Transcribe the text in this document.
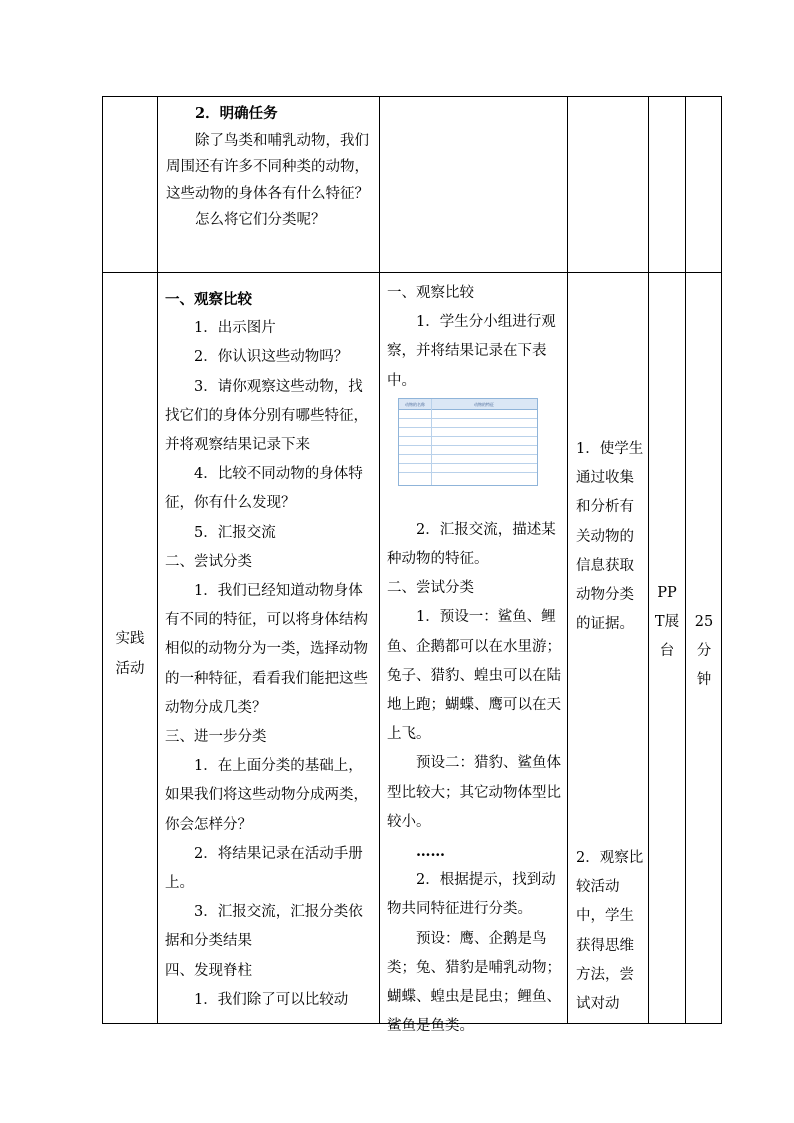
2．明确任务

除了鸟类和哺乳动物，我们周围还有许多不同种类的动物，这些动物的身体各有什么特征？

怎么将它们分类呢？

实践活动

一、观察比较

1．出示图片

2．你认识这些动物吗？

3．请你观察这些动物，找找它们的身体分别有哪些特征，并将观察结果记录下来

4．比较不同动物的身体特征，你有什么发现？

5．汇报交流

二、尝试分类

1．我们已经知道动物身体有不同的特征，可以将身体结构相似的动物分为一类，选择动物的一种特征，看看我们能把这些动物分成几类？

三、进一步分类

1．在上面分类的基础上，如果我们将这些动物分成两类，你会怎样分？

2．将结果记录在活动手册上。

3．汇报交流，汇报分类依据和分类结果

四、发现脊柱

1．我们除了可以比较动

一、观察比较

1．学生分小组进行观察，并将结果记录在下表中。

2．汇报交流，描述某种动物的特征。

二、尝试分类

1．预设一：鲨鱼、鲤鱼、企鹅都可以在水里游；兔子、猎豹、蝗虫可以在陆地上跑；蝴蝶、鹰可以在天上飞。

预设二：猎豹、鲨鱼体型比较大；其它动物体型比较小。

……

2．根据提示，找到动物共同特征进行分类。

预设：鹰、企鹅是鸟类；兔、猎豹是哺乳动物；蝴蝶、蝗虫是昆虫；鲤鱼、鲨鱼是鱼类。

1．使学生通过收集和分析有关动物的信息获取动物分类的证据。
2．观察比较活动中，学生获得思维方法，尝试对动
PPT展台
25分钟
动物的名称	动物的特征
